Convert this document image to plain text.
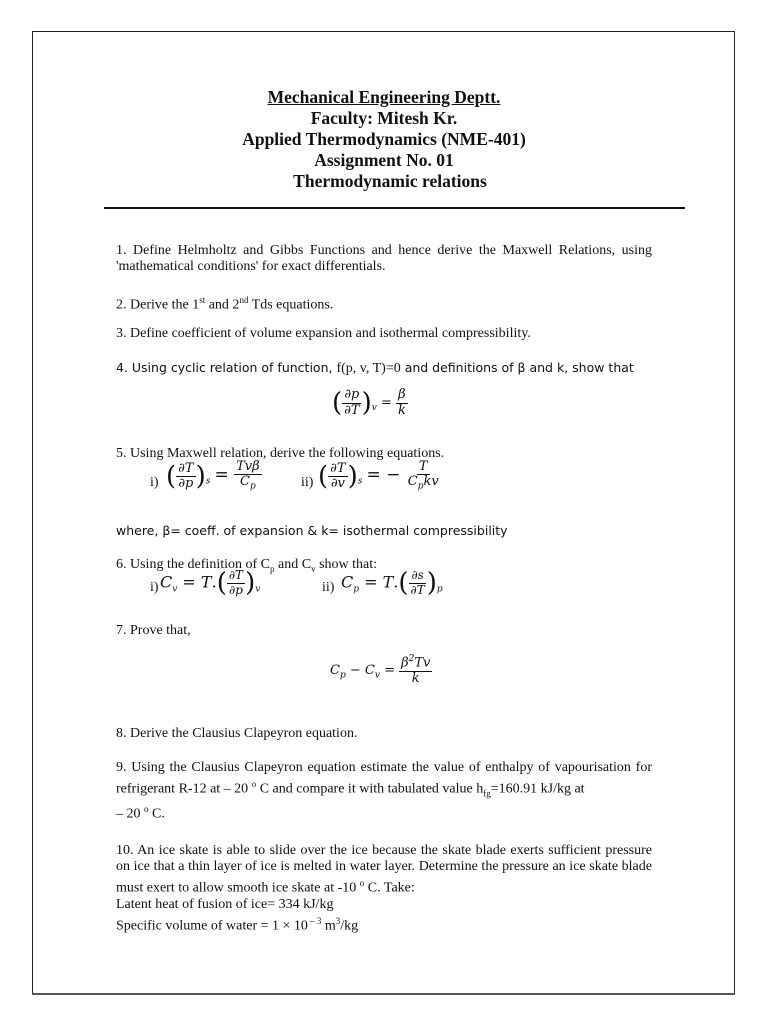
Mechanical Engineering Deptt.
Faculty: Mitesh Kr.
Applied Thermodynamics (NME-401)
Assignment No. 01
Thermodynamic relations
1. Define Helmholtz and Gibbs Functions and hence derive the Maxwell Relations, using 'mathematical conditions' for exact differentials.
2. Derive the 1st and 2nd Tds equations.
3. Define coefficient of volume expansion and isothermal compressibility.
4. Using cyclic relation of function, f(p, v, T)=0 and definitions of β and k, show that
( $\frac{\partial p}{\partial T} )_v = \frac{\beta}{k}$
5. Using Maxwell relation, derive the following equations.
i) ( $\frac{\partial T}{\partial p} )_s = \frac{\text{Tvβ}}{C_p}$	ii) ( $\frac{\partial T}{\partial v} )_s$ = − $\frac{T}{C_pkv}$
where, β= coeff. of expansion & k= isothermal compressibility
6. Using the definition of $C_p$ and $C_v$ show that:
i) $C_v = T.( \frac{\partial T}{\partial p} )_v$	ii) $C_p = T.( \frac{\partial s}{\partial T} )_p$
7. Prove that,
$C_p - C_v = \frac{\beta^2Tv}{k}$
8. Derive the Clausius Clapeyron equation.
9. Using the Clausius Clapeyron equation estimate the value of enthalpy of vapourisation for refrigerant R-12 at – 20 $^o$ C and compare it with tabulated value $h_{fg}=160.91$ kJ/kg at
– 20 $^o$ C.
10. An ice skate is able to slide over the ice because the skate blade exerts sufficient pressure on ice that a thin layer of ice is melted in water layer. Determine the pressure an ice skate blade must exert to allow smooth ice skate at -10 $^o$ C. Take:
Latent heat of fusion of ice= 334 kJ/kg
Specific volume of water = 1 × 10 $^{- 3}$ $m^3/kg$
